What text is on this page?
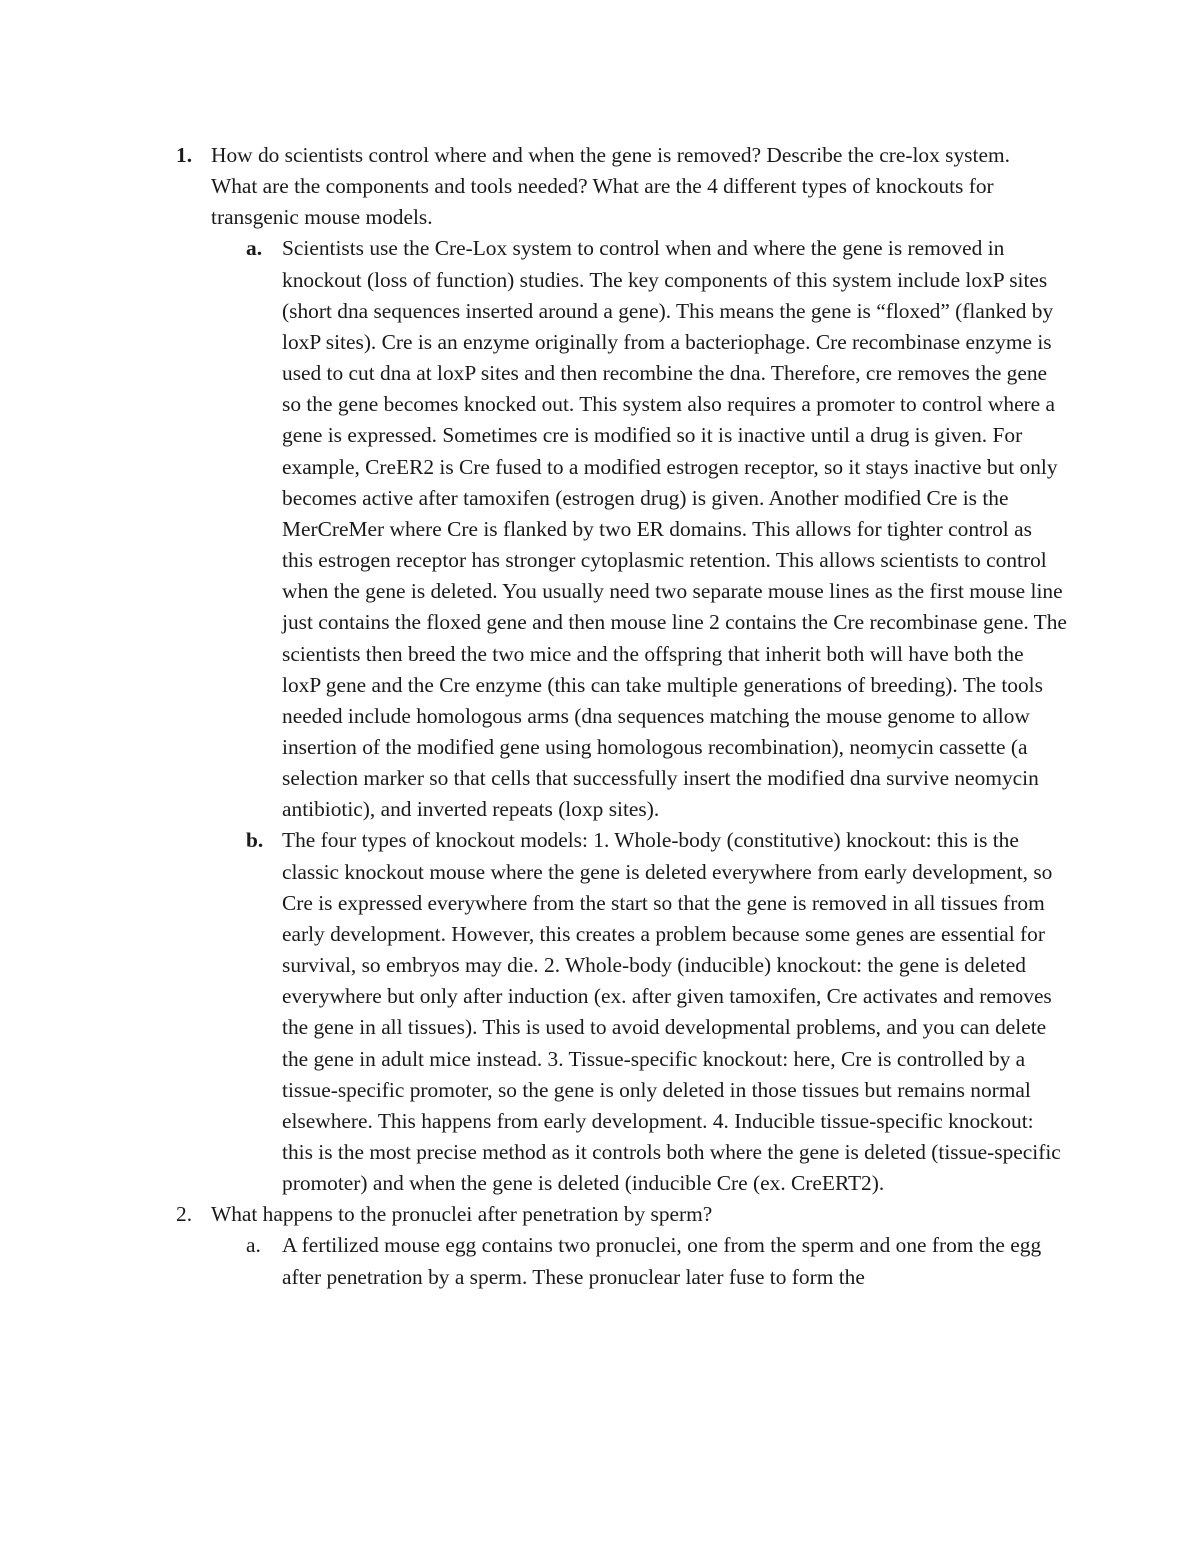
1. How do scientists control where and when the gene is removed? Describe the cre-lox system. What are the components and tools needed? What are the 4 different types of knockouts for transgenic mouse models.
a. Scientists use the Cre-Lox system to control when and where the gene is removed in knockout (loss of function) studies. The key components of this system include loxP sites (short dna sequences inserted around a gene). This means the gene is “floxed” (flanked by loxP sites). Cre is an enzyme originally from a bacteriophage. Cre recombinase enzyme is used to cut dna at loxP sites and then recombine the dna. Therefore, cre removes the gene so the gene becomes knocked out. This system also requires a promoter to control where a gene is expressed. Sometimes cre is modified so it is inactive until a drug is given. For example, CreER2 is Cre fused to a modified estrogen receptor, so it stays inactive but only becomes active after tamoxifen (estrogen drug) is given. Another modified Cre is the MerCreMer where Cre is flanked by two ER domains. This allows for tighter control as this estrogen receptor has stronger cytoplasmic retention. This allows scientists to control when the gene is deleted. You usually need two separate mouse lines as the first mouse line just contains the floxed gene and then mouse line 2 contains the Cre recombinase gene. The scientists then breed the two mice and the offspring that inherit both will have both the loxP gene and the Cre enzyme (this can take multiple generations of breeding). The tools needed include homologous arms (dna sequences matching the mouse genome to allow insertion of the modified gene using homologous recombination), neomycin cassette (a selection marker so that cells that successfully insert the modified dna survive neomycin antibiotic), and inverted repeats (loxp sites).
b. The four types of knockout models: 1. Whole-body (constitutive) knockout: this is the classic knockout mouse where the gene is deleted everywhere from early development, so Cre is expressed everywhere from the start so that the gene is removed in all tissues from early development. However, this creates a problem because some genes are essential for survival, so embryos may die. 2. Whole-body (inducible) knockout: the gene is deleted everywhere but only after induction (ex. after given tamoxifen, Cre activates and removes the gene in all tissues). This is used to avoid developmental problems, and you can delete the gene in adult mice instead. 3. Tissue-specific knockout: here, Cre is controlled by a tissue-specific promoter, so the gene is only deleted in those tissues but remains normal elsewhere. This happens from early development. 4. Inducible tissue-specific knockout: this is the most precise method as it controls both where the gene is deleted (tissue-specific promoter) and when the gene is deleted (inducible Cre (ex. CreERT2).
2. What happens to the pronuclei after penetration by sperm?
a. A fertilized mouse egg contains two pronuclei, one from the sperm and one from the egg after penetration by a sperm. These pronuclear later fuse to form the
